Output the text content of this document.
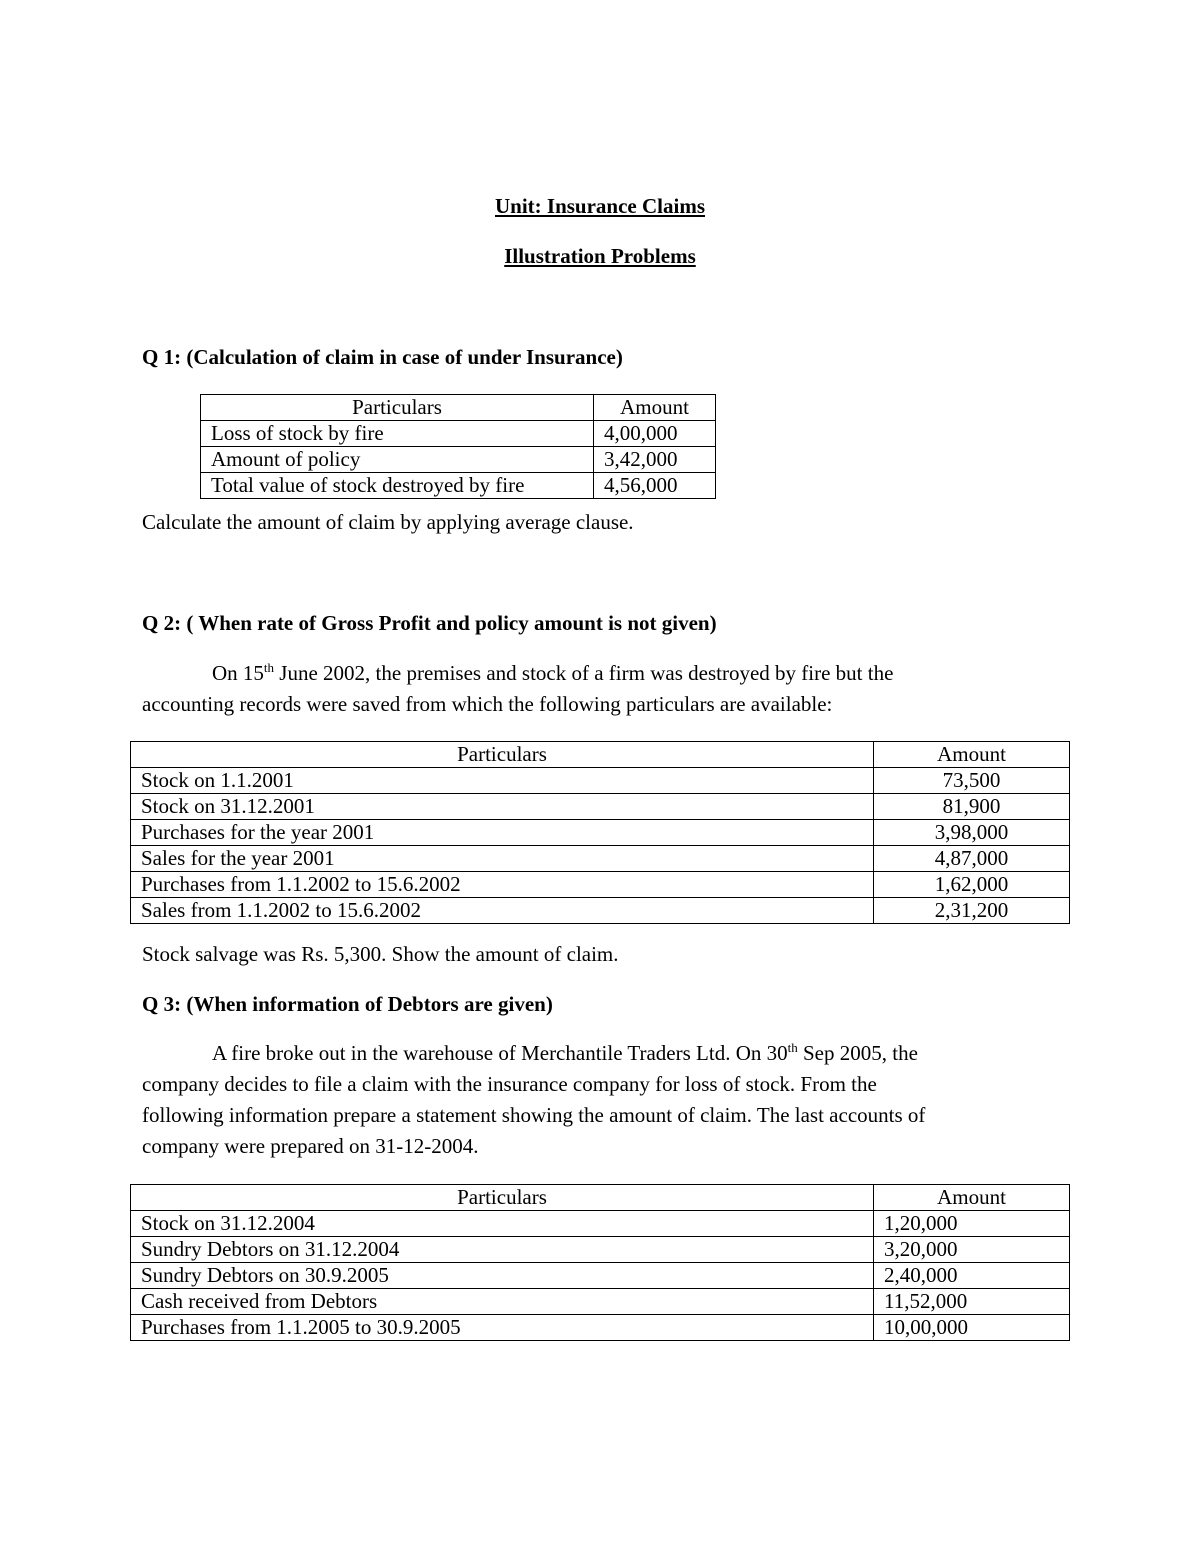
Unit: Insurance Claims
Illustration Problems
Q 1: (Calculation of claim in case of under Insurance)
Particulars	Amount
Loss of stock by fire	4,00,000
Amount of policy	3,42,000
Total value of stock destroyed by fire	4,56,000
Calculate the amount of claim by applying average clause.
Q 2: ( When rate of Gross Profit and policy amount is not given)
On 15th June 2002, the premises and stock of a firm was destroyed by fire but the
accounting records were saved from which the following particulars are available:
Particulars	Amount
Stock on 1.1.2001	73,500
Stock on 31.12.2001	81,900
Purchases for the year 2001	3,98,000
Sales for the year 2001	4,87,000
Purchases from 1.1.2002 to 15.6.2002	1,62,000
Sales from 1.1.2002 to 15.6.2002	2,31,200
Stock salvage was Rs. 5,300. Show the amount of claim.
Q 3: (When information of Debtors are given)
A fire broke out in the warehouse of Merchantile Traders Ltd. On 30th Sep 2005, the
company decides to file a claim with the insurance company for loss of stock. From the
following information prepare a statement showing the amount of claim. The last accounts of
company were prepared on 31-12-2004.
Particulars	Amount
Stock on 31.12.2004	1,20,000
Sundry Debtors on 31.12.2004	3,20,000
Sundry Debtors on 30.9.2005	2,40,000
Cash received from Debtors	11,52,000
Purchases from 1.1.2005 to 30.9.2005	10,00,000
